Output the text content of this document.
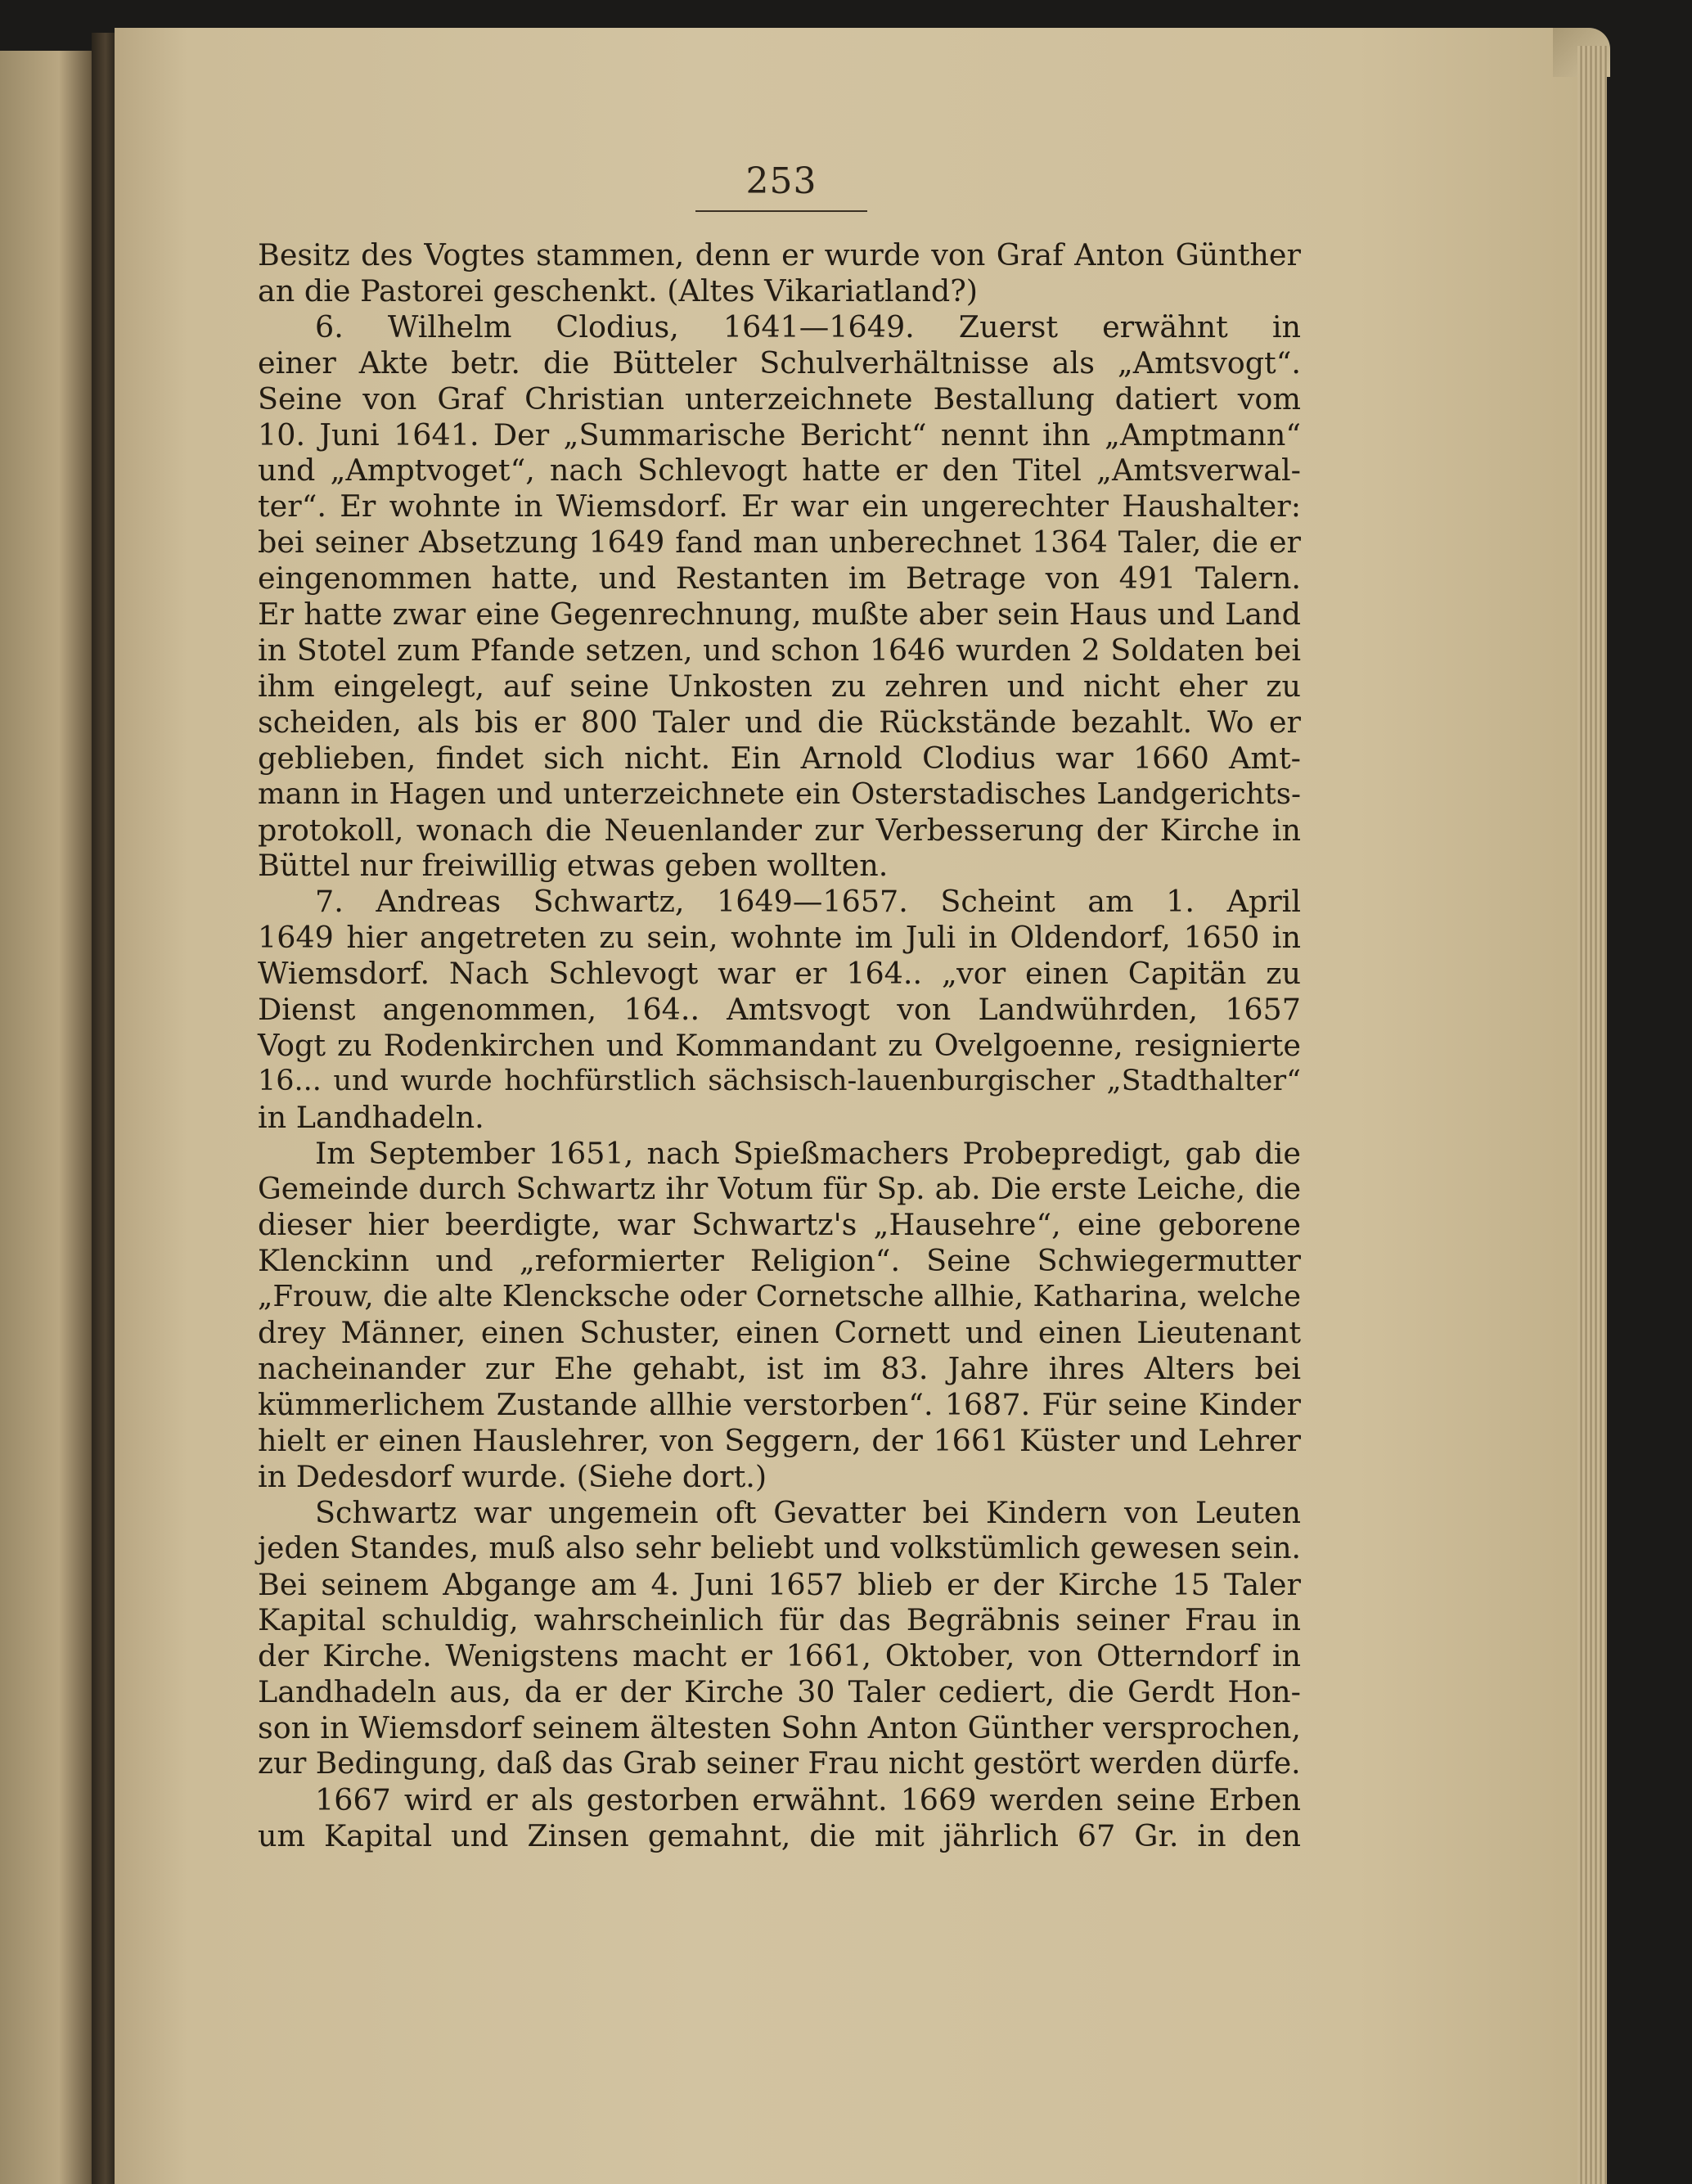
253

Besitz des Vogtes stammen, denn er wurde von Graf Anton Günther

an die Pastorei geschenkt. (Altes Vikariatland?)

6. Wilhelm Clodius, 1641—1649. Zuerst erwähnt in

einer Akte betr. die Bütteler Schulverhältnisse als „Amtsvogt“.

Seine von Graf Christian unterzeichnete Bestallung datiert vom

10. Juni 1641. Der „Summarische Bericht“ nennt ihn „Amptmann“

und „Amptvoget“, nach Schlevogt hatte er den Titel „Amtsverwal-

ter“. Er wohnte in Wiemsdorf. Er war ein ungerechter Haushalter:

bei seiner Absetzung 1649 fand man unberechnet 1364 Taler, die er

eingenommen hatte, und Restanten im Betrage von 491 Talern.

Er hatte zwar eine Gegenrechnung, mußte aber sein Haus und Land

in Stotel zum Pfande setzen, und schon 1646 wurden 2 Soldaten bei

ihm eingelegt, auf seine Unkosten zu zehren und nicht eher zu

scheiden, als bis er 800 Taler und die Rückstände bezahlt. Wo er

geblieben, findet sich nicht. Ein Arnold Clodius war 1660 Amt-

mann in Hagen und unterzeichnete ein Osterstadisches Landgerichts-

protokoll, wonach die Neuenlander zur Verbesserung der Kirche in

Büttel nur freiwillig etwas geben wollten.

7. Andreas Schwartz, 1649—1657. Scheint am 1. April

1649 hier angetreten zu sein, wohnte im Juli in Oldendorf, 1650 in

Wiemsdorf. Nach Schlevogt war er 164.. „vor einen Capitän zu

Dienst angenommen, 164.. Amtsvogt von Landwührden, 1657

Vogt zu Rodenkirchen und Kommandant zu Ovelgoenne, resignierte

16... und wurde hochfürstlich sächsisch-lauenburgischer „Stadthalter“

in Landhadeln.

Im September 1651, nach Spießmachers Probepredigt, gab die

Gemeinde durch Schwartz ihr Votum für Sp. ab. Die erste Leiche, die

dieser hier beerdigte, war Schwartz's „Hausehre“, eine geborene

Klenckinn und „reformierter Religion“. Seine Schwiegermutter

„Frouw, die alte Klencksche oder Cornetsche allhie, Katharina, welche

drey Männer, einen Schuster, einen Cornett und einen Lieutenant

nacheinander zur Ehe gehabt, ist im 83. Jahre ihres Alters bei

kümmerlichem Zustande allhie verstorben“. 1687. Für seine Kinder

hielt er einen Hauslehrer, von Seggern, der 1661 Küster und Lehrer

in Dedesdorf wurde. (Siehe dort.)

Schwartz war ungemein oft Gevatter bei Kindern von Leuten

jeden Standes, muß also sehr beliebt und volkstümlich gewesen sein.

Bei seinem Abgange am 4. Juni 1657 blieb er der Kirche 15 Taler

Kapital schuldig, wahrscheinlich für das Begräbnis seiner Frau in

der Kirche. Wenigstens macht er 1661, Oktober, von Otterndorf in

Landhadeln aus, da er der Kirche 30 Taler cediert, die Gerdt Hon-

son in Wiemsdorf seinem ältesten Sohn Anton Günther versprochen,

zur Bedingung, daß das Grab seiner Frau nicht gestört werden dürfe.

1667 wird er als gestorben erwähnt. 1669 werden seine Erben

um Kapital und Zinsen gemahnt, die mit jährlich 67 Gr. in den
